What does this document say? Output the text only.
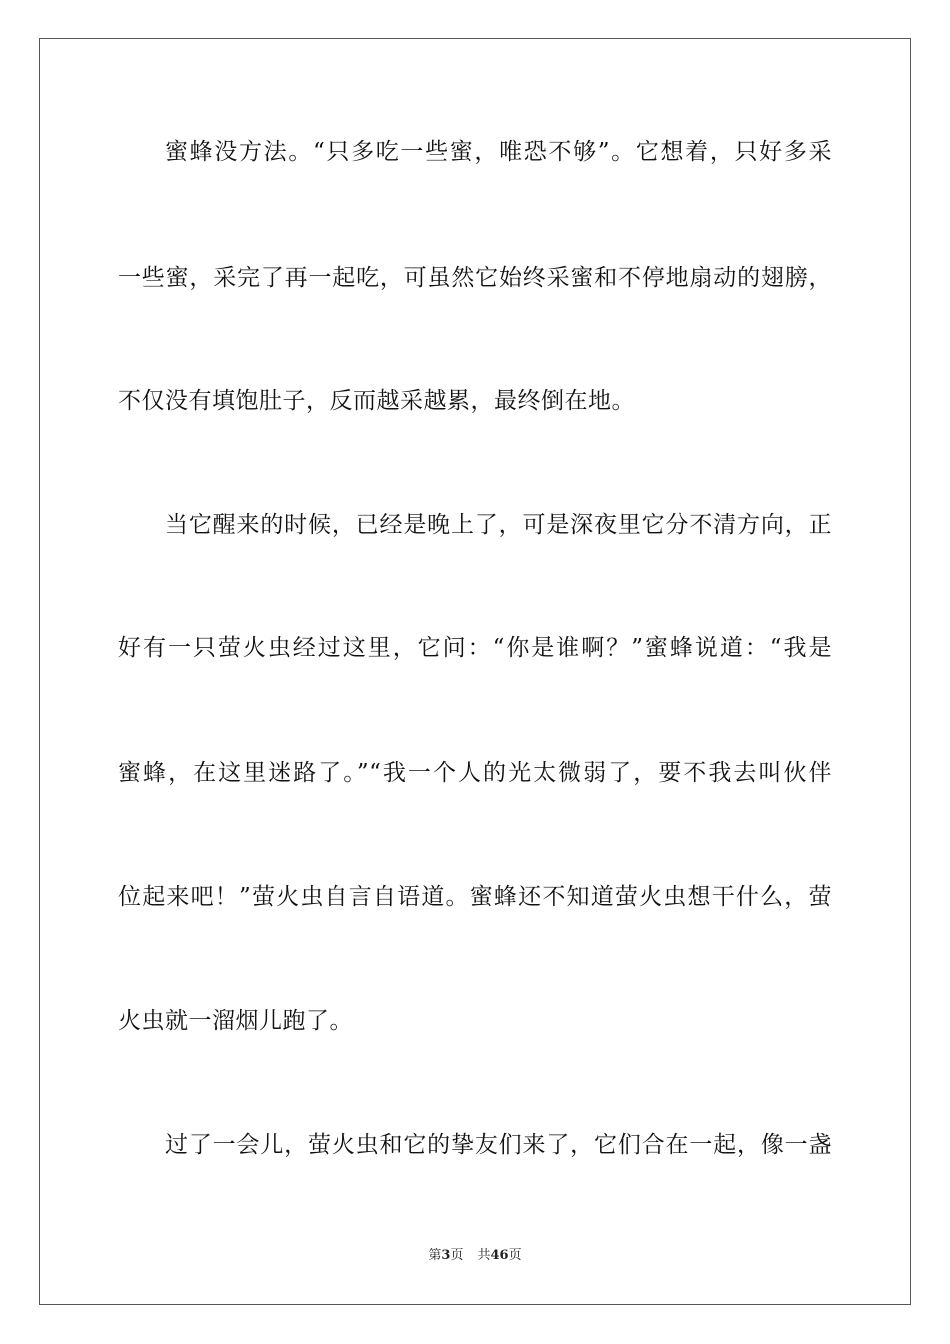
蜜蜂没方法。“只多吃一些蜜，唯恐不够”。它想着，只好多采
一些蜜，采完了再一起吃，可虽然它始终采蜜和不停地扇动的翅膀，
不仅没有填饱肚子，反而越采越累，最终倒在地。
当它醒来的时候，已经是晚上了，可是深夜里它分不清方向，正
好有一只萤火虫经过这里，它问：“你是谁啊？”蜜蜂说道：“我是
蜜蜂，在这里迷路了。”“我一个人的光太微弱了，要不我去叫伙伴
位起来吧！”萤火虫自言自语道。蜜蜂还不知道萤火虫想干什么，萤
火虫就一溜烟儿跑了。
过了一会儿，萤火虫和它的挚友们来了，它们合在一起，像一盏
第3页 共46页
